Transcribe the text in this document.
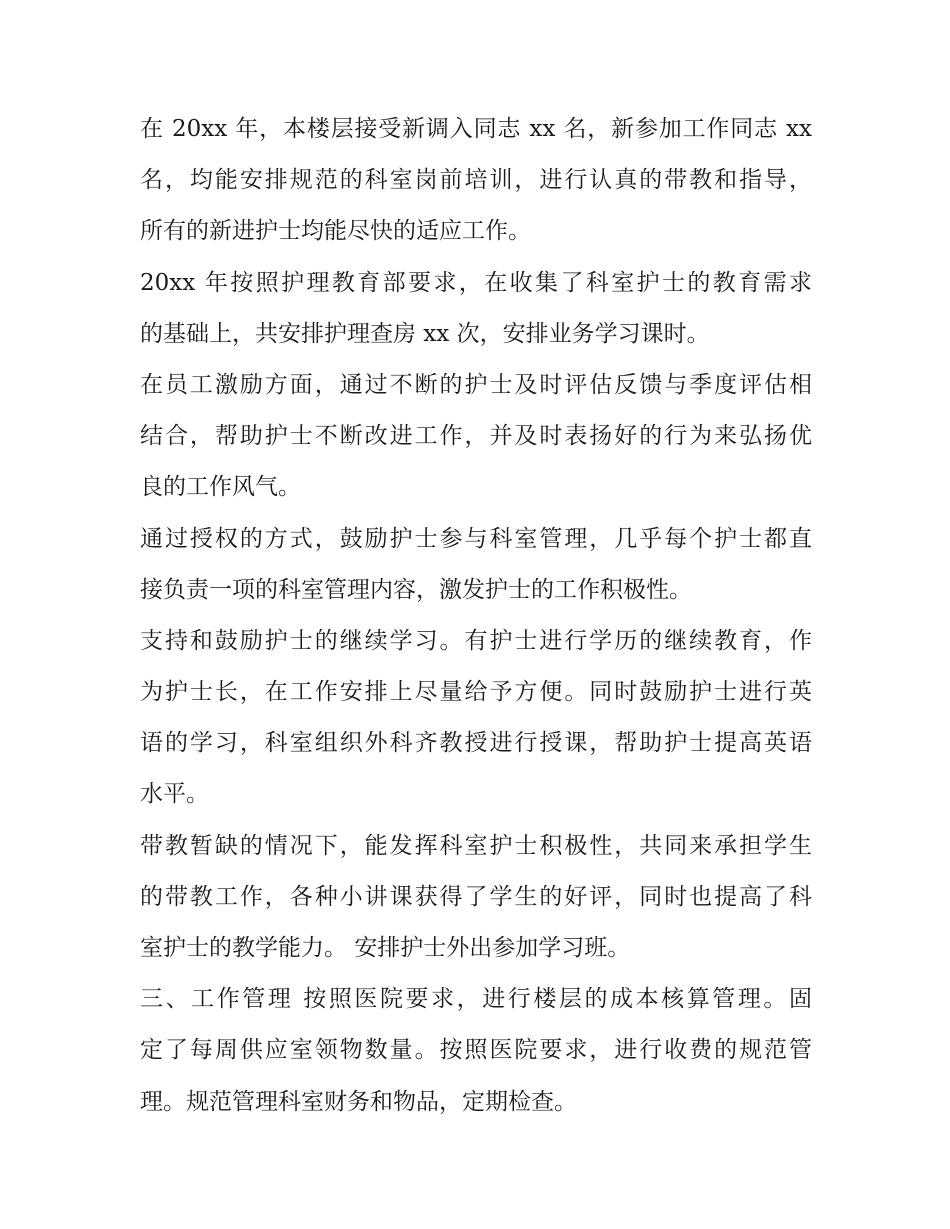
在 20xx 年，本楼层接受新调入同志 xx 名，新参加工作同志 xx
名，均能安排规范的科室岗前培训，进行认真的带教和指导，
所有的新进护士均能尽快的适应工作。
20xx 年按照护理教育部要求，在收集了科室护士的教育需求
的基础上，共安排护理查房 xx 次，安排业务学习课时。
在员工激励方面，通过不断的护士及时评估反馈与季度评估相
结合，帮助护士不断改进工作，并及时表扬好的行为来弘扬优
良的工作风气。
通过授权的方式，鼓励护士参与科室管理，几乎每个护士都直
接负责一项的科室管理内容，激发护士的工作积极性。
支持和鼓励护士的继续学习。有护士进行学历的继续教育，作
为护士长，在工作安排上尽量给予方便。同时鼓励护士进行英
语的学习，科室组织外科齐教授进行授课，帮助护士提高英语
水平。
带教暂缺的情况下，能发挥科室护士积极性，共同来承担学生
的带教工作，各种小讲课获得了学生的好评，同时也提高了科
室护士的教学能力。 安排护士外出参加学习班。
三、工作管理 按照医院要求，进行楼层的成本核算管理。固
定了每周供应室领物数量。按照医院要求，进行收费的规范管
理。规范管理科室财务和物品，定期检查。
